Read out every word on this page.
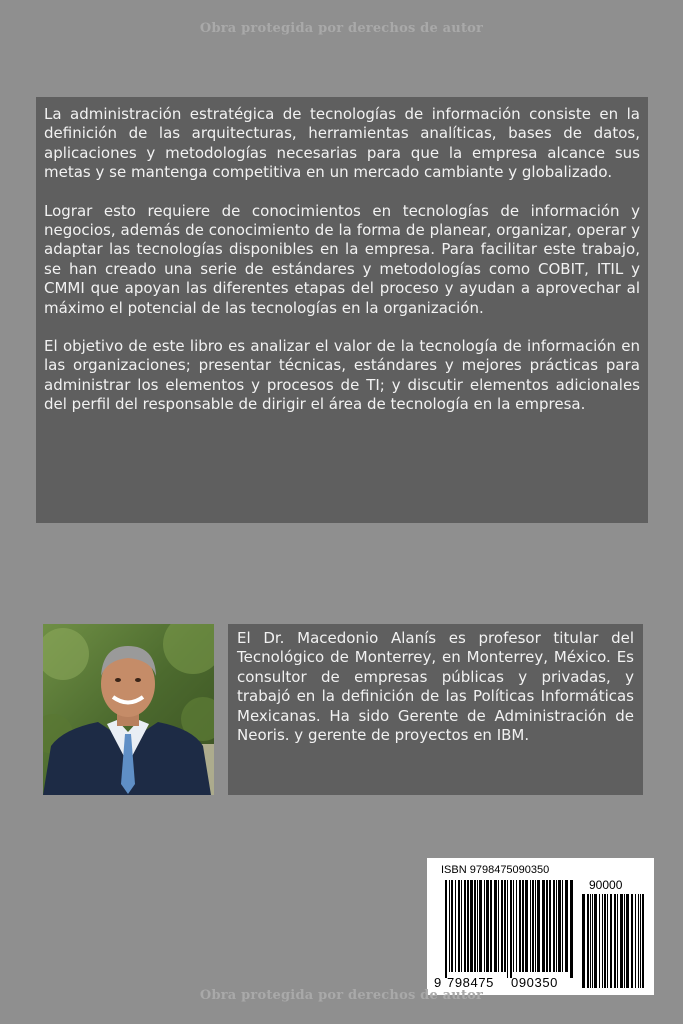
Obra protegida por derechos de autor

La administración estratégica de tecnologías de información consiste en la definición de las arquitecturas, herramientas analíticas, bases de datos, aplicaciones y metodologías necesarias para que la empresa alcance sus metas y se mantenga competitiva en un mercado cambiante y globalizado.

Lograr esto requiere de conocimientos en tecnologías de información y negocios, además de conocimiento de la forma de planear, organizar, operar y adaptar las tecnologías disponibles en la empresa. Para facilitar este trabajo, se han creado una serie de estándares y metodologías como COBIT, ITIL y CMMI que apoyan las diferentes etapas del proceso y ayudan a aprovechar al máximo el potencial de las tecnologías en la organización.

El objetivo de este libro es analizar el valor de la tecnología de información en las organizaciones; presentar técnicas, estándares y mejores prácticas para administrar los elementos y procesos de TI; y discutir elementos adicionales del perfil del responsable de dirigir el área de tecnología en la empresa.

El Dr. Macedonio Alanís es profesor titular del Tecnológico de Monterrey, en Monterrey, México. Es consultor de empresas públicas y privadas, y trabajó en la definición de las Políticas Informáticas Mexicanas. Ha sido Gerente de Administración de Neoris. y gerente de proyectos en IBM.

ISBN 9798475090350
90000
9 798475 090350
Obra protegida por derechos de autor
